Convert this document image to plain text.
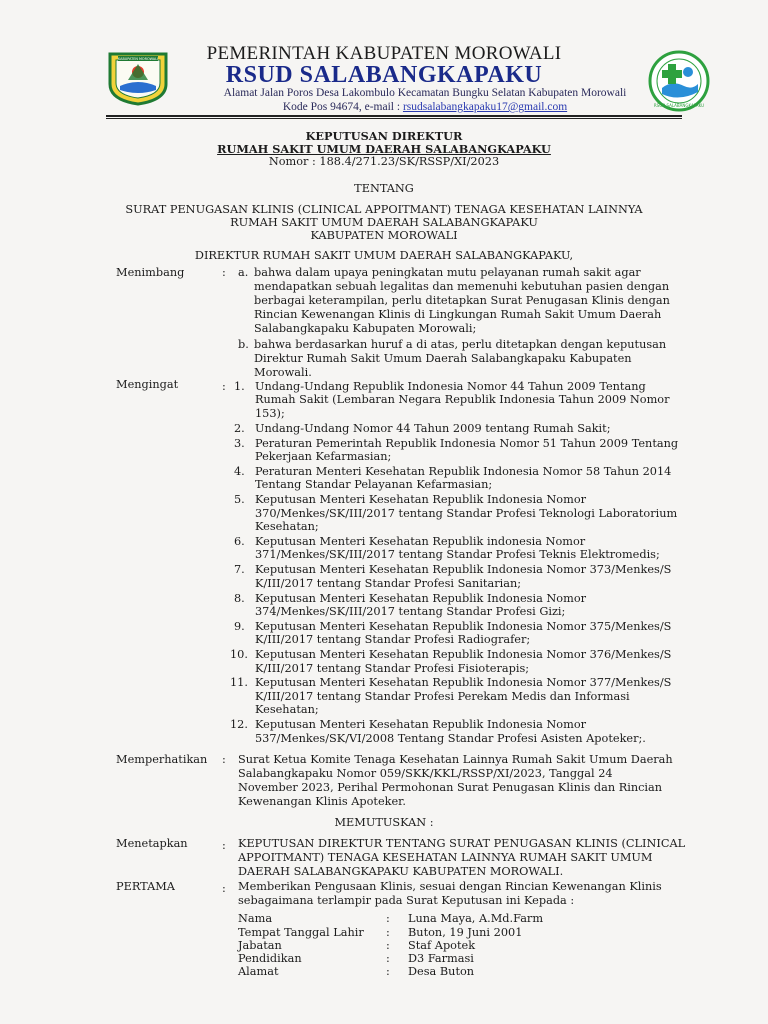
KABUPATEN MOROWALI	PEMERINTAH KABUPATEN MOROWALI
RSUD SALABANGKAPAKU
Alamat Jalan Poros Desa Lakombulo Kecamatan Bungku Selatan Kabupaten Morowali
Kode Pos 94674, e-mail : rsudsalabangkapaku17@gmail.com	RSUD SALABANGKAPAKU
KEPUTUSAN DIREKTUR
RUMAH SAKIT UMUM DAERAH SALABANGKAPAKU
Nomor : 188.4/271.23/SK/RSSP/XI/2023
TENTANG
SURAT PENUGASAN KLINIS (CLINICAL APPOITMANT) TENAGA KESEHATAN LAINNYA
RUMAH SAKIT UMUM DAERAH SALABANGKAPAKU
KABUPATEN MOROWALI
DIREKTUR RUMAH SAKIT UMUM DAERAH SALABANGKAPAKU,
Menimbang	: a. bahwa dalam upaya peningkatan mutu pelayanan rumah sakit agar
mendapatkan sebuah legalitas dan memenuhi kebutuhan pasien dengan
berbagai keterampilan, perlu ditetapkan Surat Penugasan Klinis dengan
Rincian Kewenangan Klinis di Lingkungan Rumah Sakit Umum Daerah
Salabangkapaku Kabupaten Morowali;
b. bahwa berdasarkan huruf a di atas, perlu ditetapkan dengan keputusan
Direktur Rumah Sakit Umum Daerah Salabangkapaku Kabupaten
Morowali.
Mengingat	: 1. Undang-Undang Republik Indonesia Nomor 44 Tahun 2009 Tentang
Rumah Sakit (Lembaran Negara Republik Indonesia Tahun 2009 Nomor
153);
2. Undang-Undang Nomor 44 Tahun 2009 tentang Rumah Sakit;
3. Peraturan Pemerintah Republik Indonesia Nomor 51 Tahun 2009 Tentang
Pekerjaan Kefarmasian;
4. Peraturan Menteri Kesehatan Republik Indonesia Nomor 58 Tahun 2014
Tentang Standar Pelayanan Kefarmasian;
5. Keputusan Menteri Kesehatan Republik Indonesia Nomor
370/Menkes/SK/III/2017 tentang Standar Profesi Teknologi Laboratorium
Kesehatan;
6. Keputusan Menteri Kesehatan Republik indonesia Nomor
371/Menkes/SK/III/2017 tentang Standar Profesi Teknis Elektromedis;
7. Keputusan Menteri Kesehatan Republik Indonesia Nomor 373/Menkes/S
K/III/2017 tentang Standar Profesi Sanitarian;
8. Keputusan Menteri Kesehatan Republik Indonesia Nomor
374/Menkes/SK/III/2017 tentang Standar Profesi Gizi;
9. Keputusan Menteri Kesehatan Republik Indonesia Nomor 375/Menkes/S
K/III/2017 tentang Standar Profesi Radiografer;
10. Keputusan Menteri Kesehatan Republik Indonesia Nomor 376/Menkes/S
K/III/2017 tentang Standar Profesi Fisioterapis;
11. Keputusan Menteri Kesehatan Republik Indonesia Nomor 377/Menkes/S
K/III/2017 tentang Standar Profesi Perekam Medis dan Informasi
Kesehatan;
12. Keputusan Menteri Kesehatan Republik Indonesia Nomor
537/Menkes/SK/VI/2008 Tentang Standar Profesi Asisten Apoteker;.
Memperhatikan : Surat Ketua Komite Tenaga Kesehatan Lainnya Rumah Sakit Umum Daerah
Salabangkapaku Nomor 059/SKK/KKL/RSSP/XI/2023, Tanggal 24
November 2023, Perihal Permohonan Surat Penugasan Klinis dan Rincian
Kewenangan Klinis Apoteker.
MEMUTUSKAN :
Menetapkan	: KEPUTUSAN DIREKTUR TENTANG SURAT PENUGASAN KLINIS (CLINICAL
APPOITMANT) TENAGA KESEHATAN LAINNYA RUMAH SAKIT UMUM
DAERAH SALABANGKAPAKU KABUPATEN MOROWALI.
PERTAMA	: Memberikan Pengusaan Klinis, sesuai dengan Rincian Kewenangan Klinis
sebagaimana terlampir pada Surat Keputusan ini Kepada :
Nama	: Luna Maya, A.Md.Farm
Tempat Tanggal Lahir : Buton, 19 Juni 2001
Jabatan	: Staf Apotek
Pendidikan	: D3 Farmasi
Alamat	: Desa Buton
